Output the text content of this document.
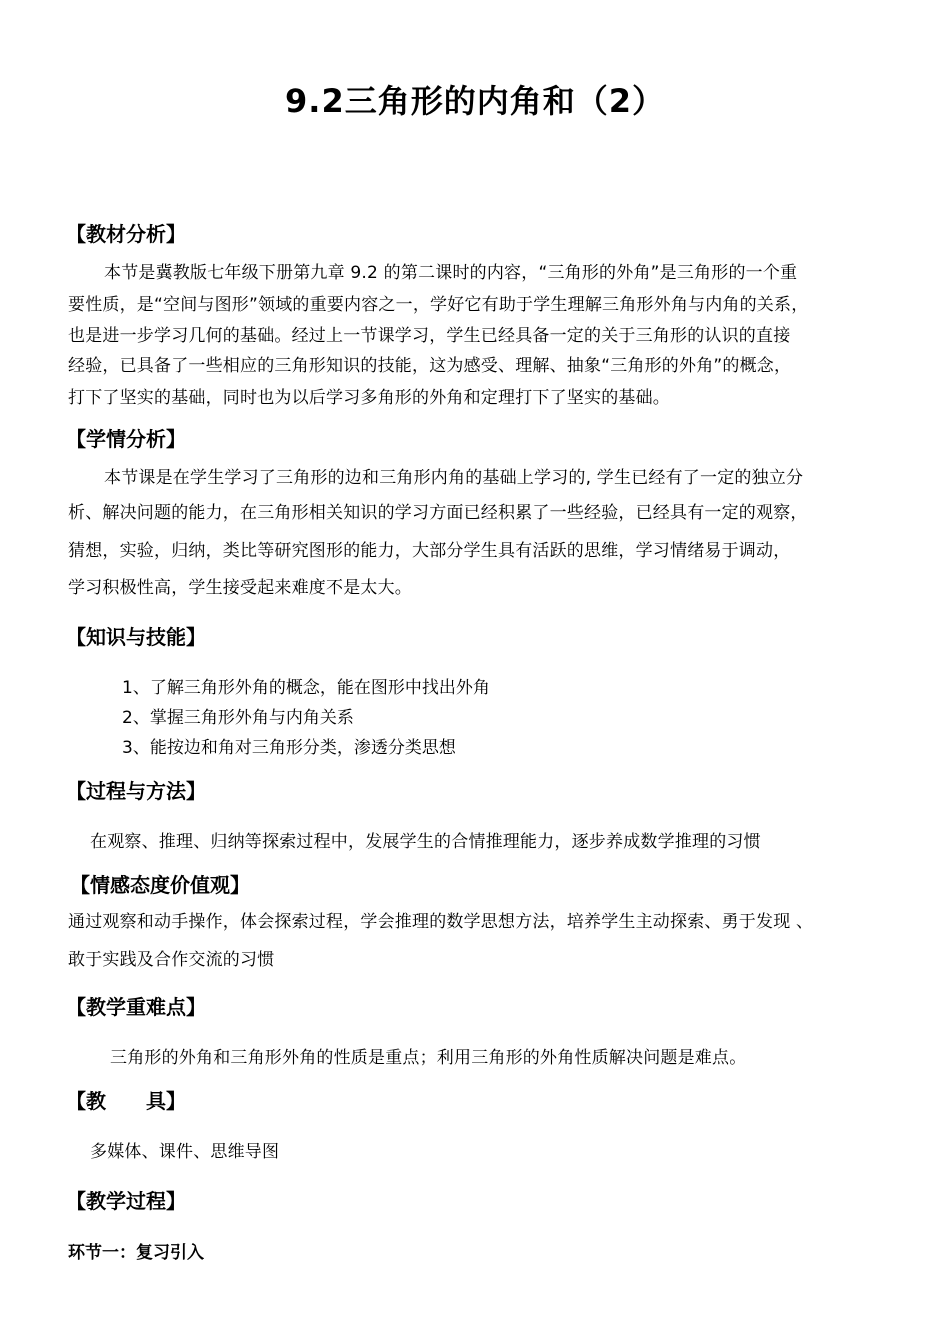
9.2三角形的内角和（2）
【教材分析】
本节是冀教版七年级下册第九章 9.2 的第二课时的内容，“三角形的外角”是三角形的一个重
要性质，是“空间与图形”领域的重要内容之一，学好它有助于学生理解三角形外角与内角的关系，
也是进一步学习几何的基础。经过上一节课学习，学生已经具备一定的关于三角形的认识的直接
经验，已具备了一些相应的三角形知识的技能，这为感受、理解、抽象“三角形的外角”的概念，
打下了坚实的基础，同时也为以后学习多角形的外角和定理打下了坚实的基础。
【学情分析】
本节课是在学生学习了三角形的边和三角形内角的基础上学习的, 学生已经有了一定的独立分
析、解决问题的能力，在三角形相关知识的学习方面已经积累了一些经验，已经具有一定的观察，
猜想，实验，归纳，类比等研究图形的能力，大部分学生具有活跃的思维，学习情绪易于调动，
学习积极性高，学生接受起来难度不是太大。
【知识与技能】
1、了解三角形外角的概念，能在图形中找出外角
2、掌握三角形外角与内角关系
3、能按边和角对三角形分类，渗透分类思想
【过程与方法】
在观察、推理、归纳等探索过程中，发展学生的合情推理能力，逐步养成数学推理的习惯
【情感态度价值观】
通过观察和动手操作，体会探索过程，学会推理的数学思想方法，培养学生主动探索、勇于发现 、
敢于实践及合作交流的习惯
【教学重难点】
三角形的外角和三角形外角的性质是重点；利用三角形的外角性质解决问题是难点。
【教　　具】
多媒体、课件、思维导图
【教学过程】
环节一：复习引入
